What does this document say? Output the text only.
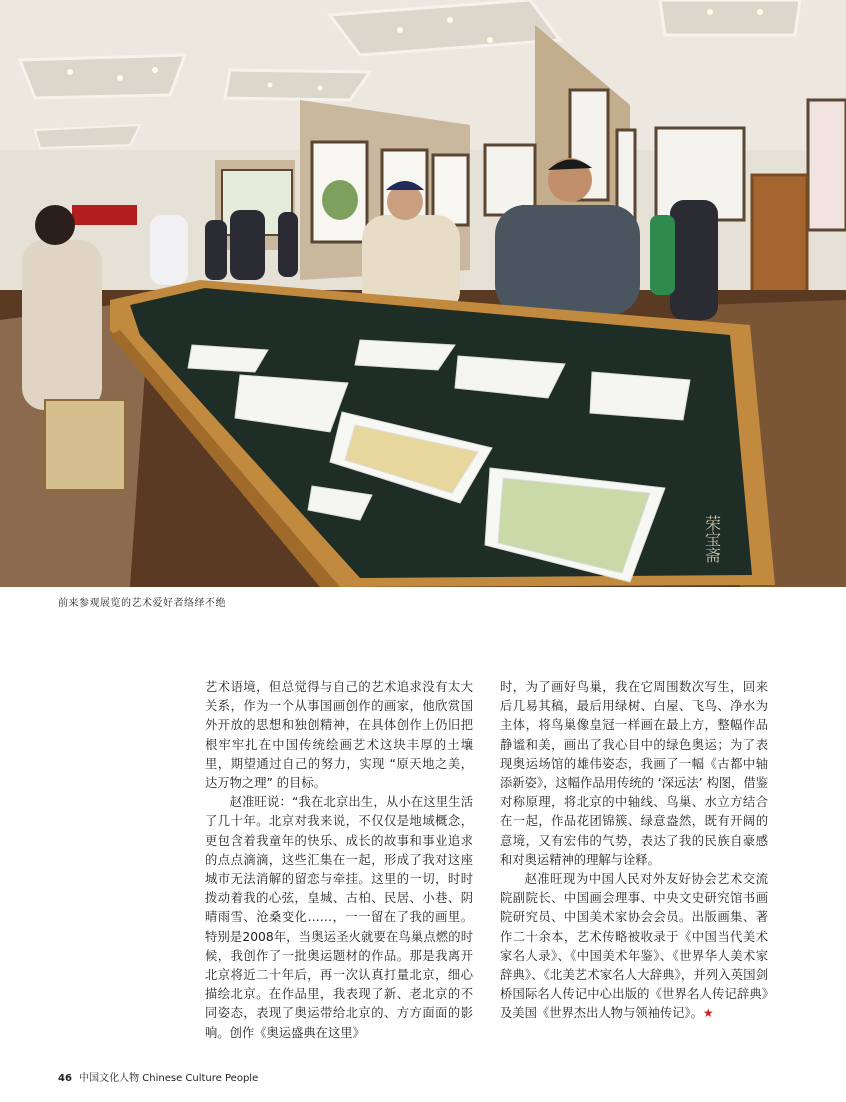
荣宝斋
前来参观展览的艺术爱好者络绎不绝

艺术语境，但总觉得与自己的艺术追求没有太大关系，作为一个从事国画创作的画家，他欣赏国外开放的思想和独创精神，在具体创作上仍旧把根牢牢扎在中国传统绘画艺术这块丰厚的土壤里，期望通过自己的努力，实现 “原天地之美，达万物之理” 的目标。

赵准旺说：“我在北京出生，从小在这里生活了几十年。北京对我来说，不仅仅是地域概念，更包含着我童年的快乐、成长的故事和事业追求的点点滴滴，这些汇集在一起，形成了我对这座城市无法消解的留恋与牵挂。这里的一切，时时拨动着我的心弦，皇城、古柏、民居、小巷、阴晴雨雪、沧桑变化……，一一留在了我的画里。特别是2008年，当奥运圣火就要在鸟巢点燃的时候，我创作了一批奥运题材的作品。那是我离开北京将近二十年后，再一次认真打量北京，细心描绘北京。在作品里，我表现了新、老北京的不同姿态，表现了奥运带给北京的、方方面面的影响。创作《奥运盛典在这里》

时，为了画好鸟巢，我在它周围数次写生，回来后几易其稿，最后用绿树、白屋、飞鸟、净水为主体，将鸟巢像皇冠一样画在最上方，整幅作品静谧和美，画出了我心目中的绿色奥运；为了表现奥运场馆的雄伟姿态，我画了一幅《古都中轴添新姿》，这幅作品用传统的 ‘深远法’ 构图，借鉴对称原理，将北京的中轴线、鸟巢、水立方结合在一起，作品花团锦簇、绿意盎然，既有开阔的意境，又有宏伟的气势，表达了我的民族自豪感和对奥运精神的理解与诠释。

赵准旺现为中国人民对外友好协会艺术交流院副院长、中国画会理事、中央文史研究馆书画院研究员、中国美术家协会会员。出版画集、著作二十余本，艺术传略被收录于《中国当代美术家名人录》、《中国美术年鉴》、《世界华人美术家辞典》、《北美艺术家名人大辞典》，并列入英国剑桥国际名人传记中心出版的《世界名人传记辞典》及美国《世界杰出人物与领袖传记》。★

46 中国文化人物 Chinese Culture People
